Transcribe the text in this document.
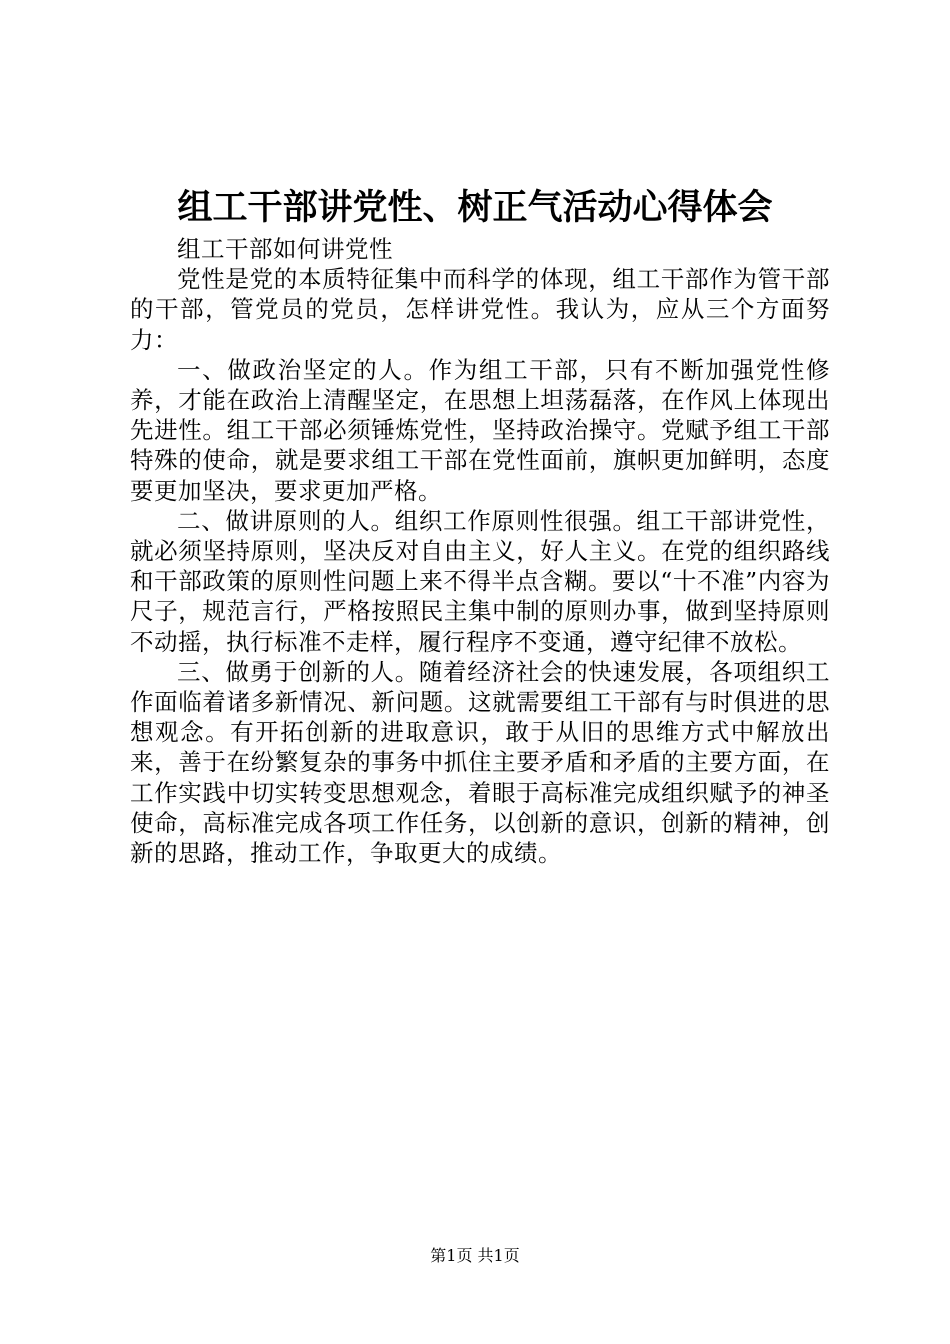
组工干部讲党性、树正气活动心得体会

组工干部如何讲党性

党性是党的本质特征集中而科学的体现，组工干部作为管干部的干部，管党员的党员，怎样讲党性。我认为，应从三个方面努力：

一、做政治坚定的人。作为组工干部，只有不断加强党性修养，才能在政治上清醒坚定，在思想上坦荡磊落，在作风上体现出先进性。组工干部必须锤炼党性，坚持政治操守。党赋予组工干部特殊的使命，就是要求组工干部在党性面前，旗帜更加鲜明，态度要更加坚决，要求更加严格。

二、做讲原则的人。组织工作原则性很强。组工干部讲党性，就必须坚持原则，坚决反对自由主义，好人主义。在党的组织路线和干部政策的原则性问题上来不得半点含糊。要以“十不准”内容为尺子，规范言行，严格按照民主集中制的原则办事，做到坚持原则不动摇，执行标准不走样，履行程序不变通，遵守纪律不放松。

三、做勇于创新的人。随着经济社会的快速发展，各项组织工作面临着诸多新情况、新问题。这就需要组工干部有与时俱进的思想观念。有开拓创新的进取意识，敢于从旧的思维方式中解放出来，善于在纷繁复杂的事务中抓住主要矛盾和矛盾的主要方面，在工作实践中切实转变思想观念，着眼于高标准完成组织赋予的神圣使命，高标准完成各项工作任务，以创新的意识，创新的精神，创新的思路，推动工作，争取更大的成绩。

第1页 共1页
